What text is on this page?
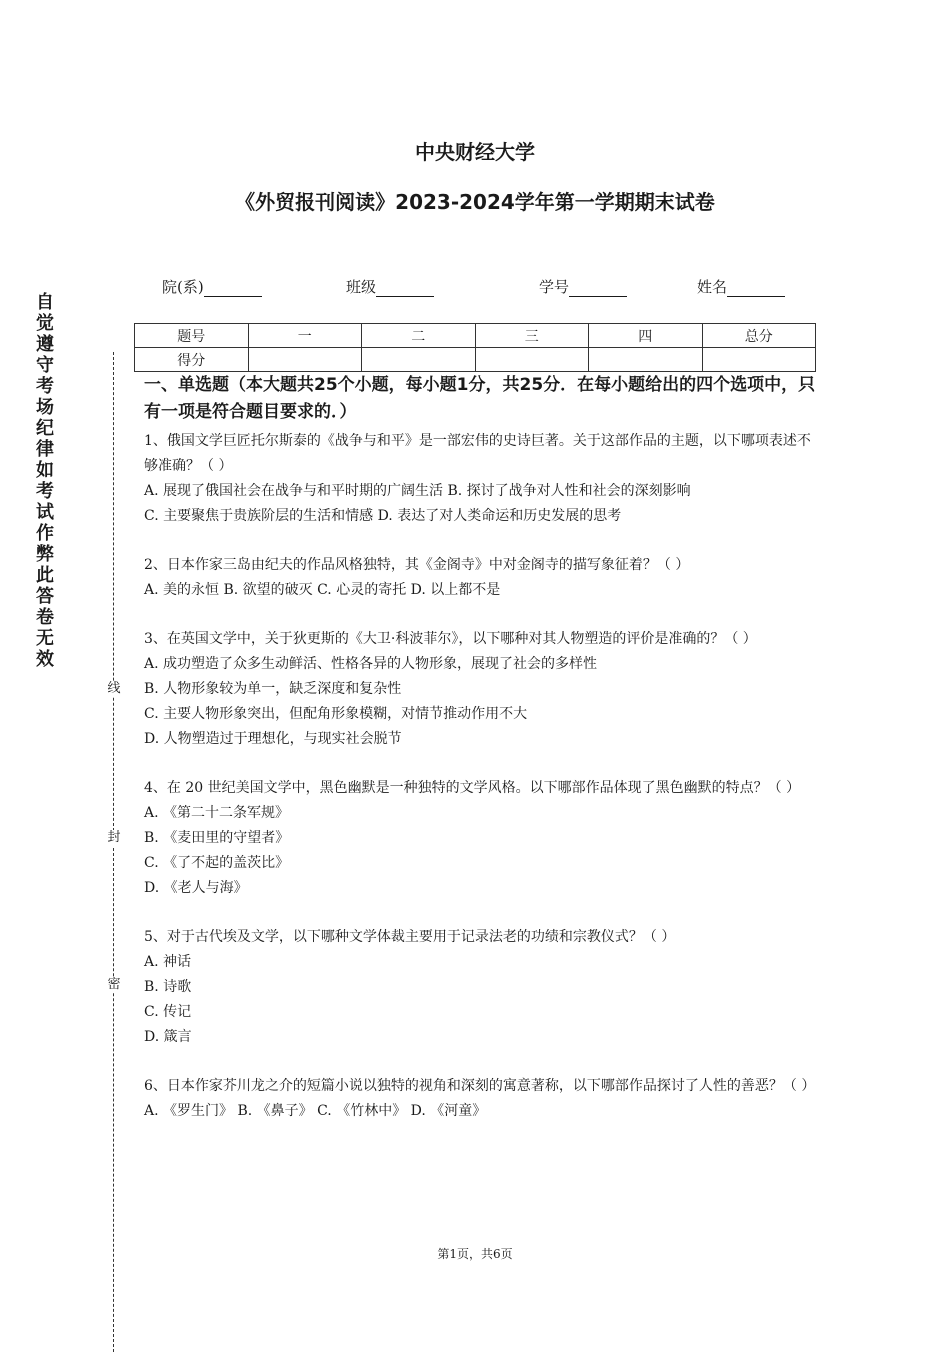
中央财经大学
《外贸报刊阅读》2023-2024学年第一学期期末试卷
院(系)	班级	学号	姓名
题号	一	二	三	四	总分
得分					
自觉遵守考场纪律如考试作弊此答卷无效
线
封
密

一、单选题（本大题共25个小题，每小题1分，共25分．在每小题给出的四个选项中，只有一项是符合题目要求的．）

1、俄国文学巨匠托尔斯泰的《战争与和平》是一部宏伟的史诗巨著。关于这部作品的主题，以下哪项表述不够准确？（ ）

A. 展现了俄国社会在战争与和平时期的广阔生活 B. 探讨了战争对人性和社会的深刻影响

C. 主要聚焦于贵族阶层的生活和情感 D. 表达了对人类命运和历史发展的思考

2、日本作家三岛由纪夫的作品风格独特，其《金阁寺》中对金阁寺的描写象征着？（ ）

A. 美的永恒 B. 欲望的破灭 C. 心灵的寄托 D. 以上都不是

3、在英国文学中，关于狄更斯的《大卫·科波菲尔》，以下哪种对其人物塑造的评价是准确的？（ ）

A. 成功塑造了众多生动鲜活、性格各异的人物形象，展现了社会的多样性

B. 人物形象较为单一，缺乏深度和复杂性

C. 主要人物形象突出，但配角形象模糊，对情节推动作用不大

D. 人物塑造过于理想化，与现实社会脱节

4、在 20 世纪美国文学中，黑色幽默是一种独特的文学风格。以下哪部作品体现了黑色幽默的特点？（ ）

A. 《第二十二条军规》

B. 《麦田里的守望者》

C. 《了不起的盖茨比》

D. 《老人与海》

5、对于古代埃及文学，以下哪种文学体裁主要用于记录法老的功绩和宗教仪式？（ ）

A. 神话

B. 诗歌

C. 传记

D. 箴言

6、日本作家芥川龙之介的短篇小说以独特的视角和深刻的寓意著称，以下哪部作品探讨了人性的善恶？（ ）

A. 《罗生门》 B. 《鼻子》 C. 《竹林中》 D. 《河童》

第1页，共6页
